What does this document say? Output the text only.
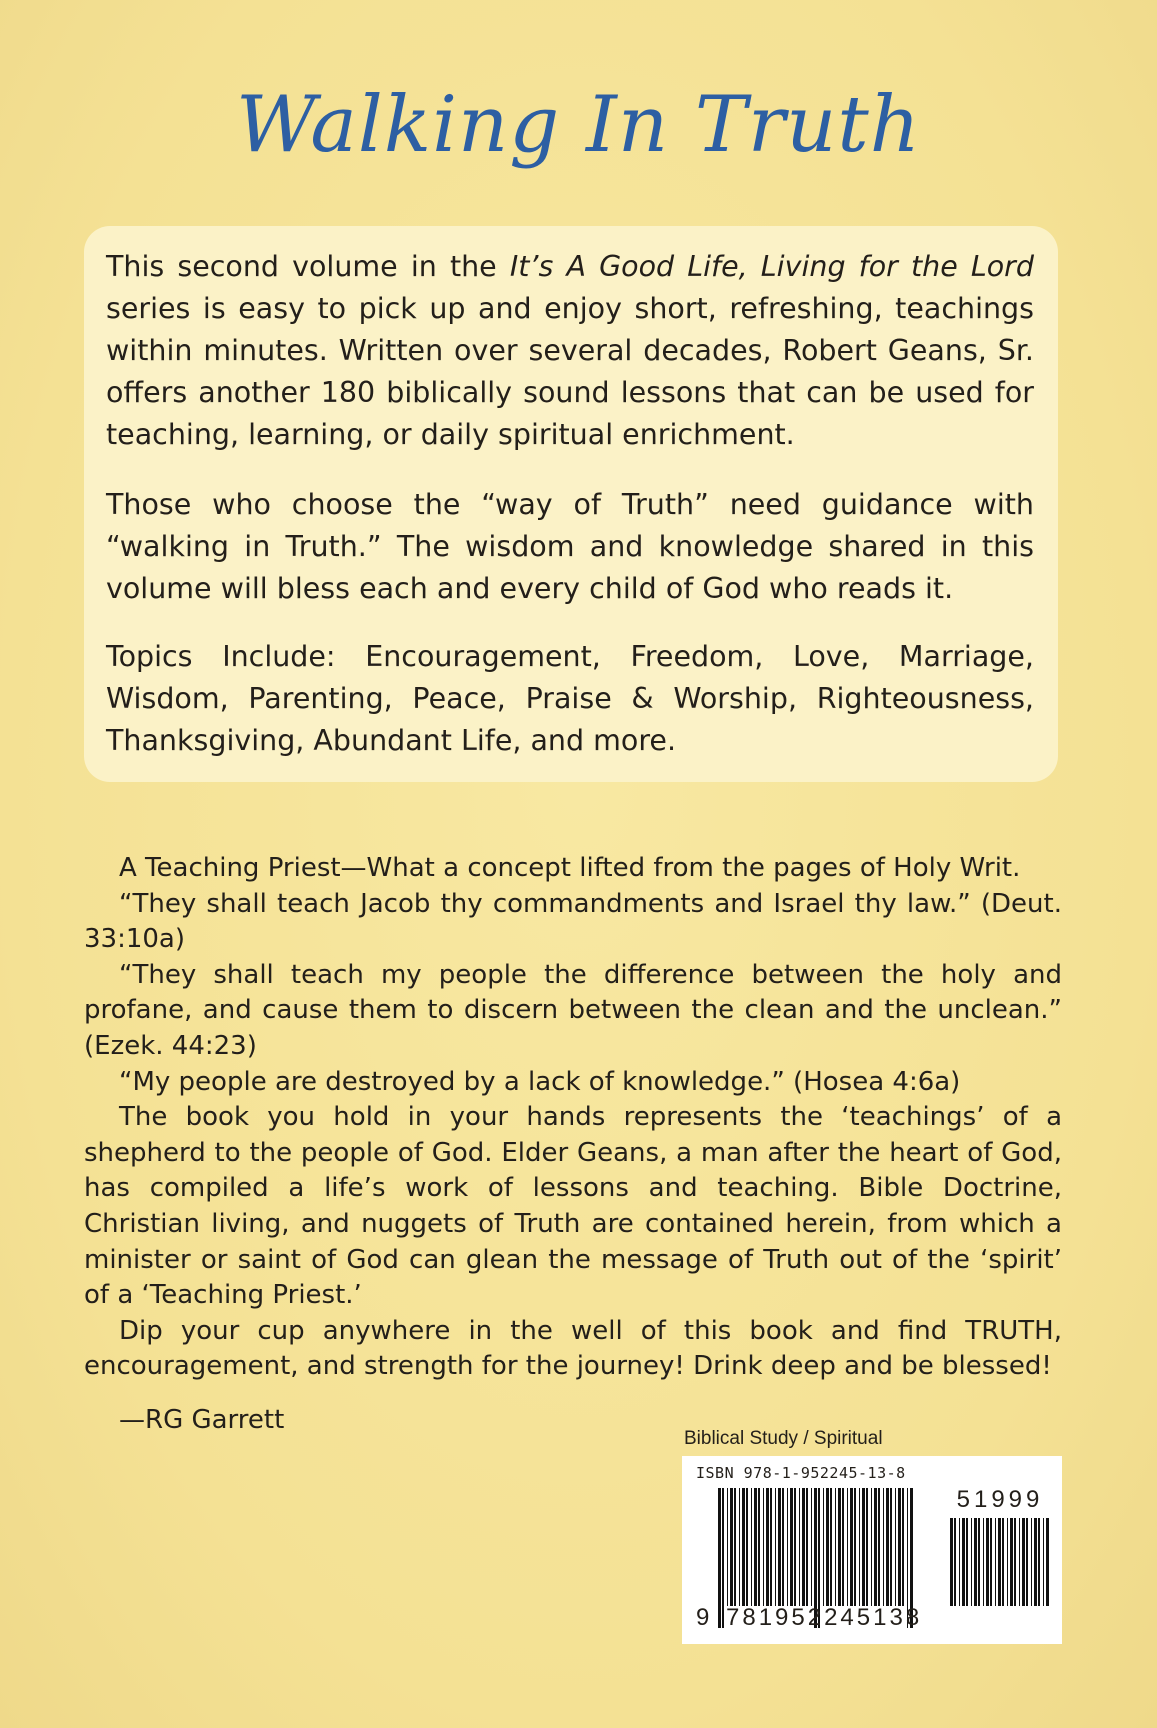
Walking In Truth

This second volume in the It’s A Good Life, Living for the Lord series is easy to pick up and enjoy short, refreshing, teachings within minutes. Written over several decades, Robert Geans, Sr. offers another 180 biblically sound lessons that can be used for teaching, learning, or daily spiritual enrichment.

Those who choose the “way of Truth” need guidance with “walking in Truth.” The wisdom and knowledge shared in this volume will bless each and every child of God who reads it.

Topics Include: Encouragement, Freedom, Love, Marriage, Wisdom, Parenting, Peace, Praise & Worship, Righteousness, Thanksgiving, Abundant Life, and more.

A Teaching Priest—What a concept lifted from the pages of Holy Writ.

“They shall teach Jacob thy commandments and Israel thy law.” (Deut. 33:10a)

“They shall teach my people the difference between the holy and profane, and cause them to discern between the clean and the unclean.” (Ezek. 44:23)

“My people are destroyed by a lack of knowledge.” (Hosea 4:6a)

The book you hold in your hands represents the ‘teachings’ of a shepherd to the people of God. Elder Geans, a man after the heart of God, has compiled a life’s work of lessons and teaching. Bible Doctrine, Christian living, and nuggets of Truth are contained herein, from which a minister or saint of God can glean the message of Truth out of the ‘spirit’ of a ‘Teaching Priest.’

Dip your cup anywhere in the well of this book and find TRUTH, encouragement, and strength for the journey! Drink deep and be blessed!

—RG Garrett

Biblical Study / Spiritual
ISBN 978-1-952245-13-8
51999
9 781952245138
